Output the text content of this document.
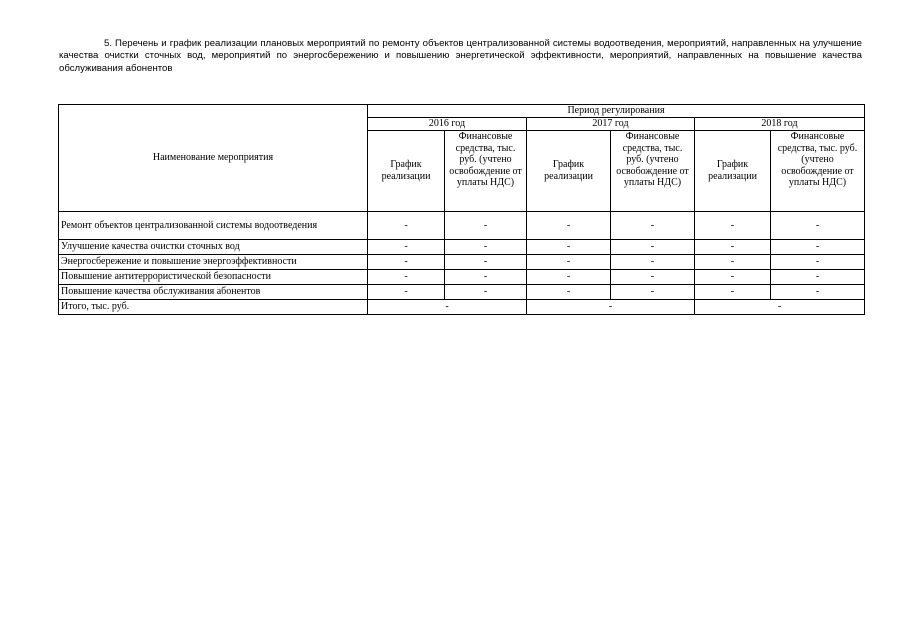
5. Перечень и график реализации плановых мероприятий по ремонту объектов централизованной системы водоотведения, мероприятий, направленных на улучшение качества очистки сточных вод, мероприятий по энергосбережению и повышению энергетической эффективности, мероприятий, направленных на повышение качества обслуживания абонентов
Наименование мероприятия	Период регулирования					
	2016 год		2017 год		2018 год	
	График реализации	Финансовые средства, тыс. руб. (учтено освобождение от уплаты НДС)	График реализации	Финансовые средства, тыс. руб. (учтено освобождение от уплаты НДС)	График реализации	Финансовые средства, тыс. руб. (учтено освобождение от уплаты НДС)
Ремонт объектов централизованной системы водоотведения	-	-	-	-	-	-
Улучшение качества очистки сточных вод	-	-	-	-	-	-
Энергосбережение и повышение энергоэффективности	-	-	-	-	-	-
Повышение антитеррористической безопасности	-	-	-	-	-	-
Повышение качества обслуживания абонентов	-	-	-	-	-	-
Итого, тыс. руб.	-		-		-	
